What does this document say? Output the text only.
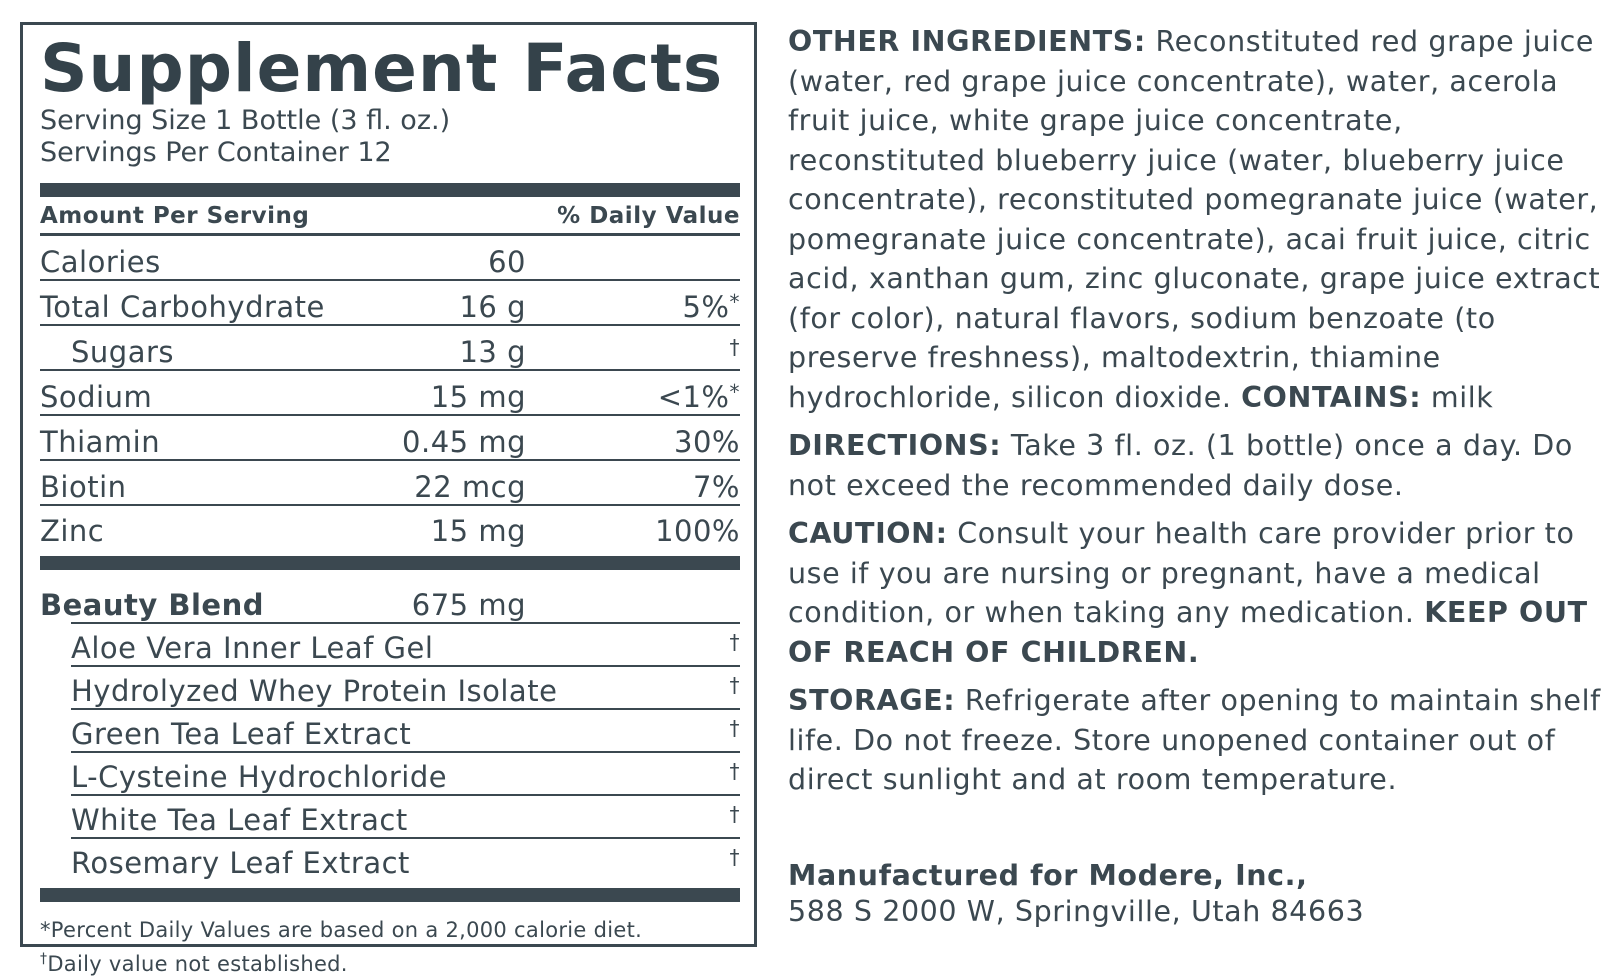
Supplement Facts
Serving Size 1 Bottle (3 fl. oz.)
Servings Per Container 12
Amount Per Serving	% Daily Value
Calories	60
Total Carbohydrate	16 g	5%*
Sugars	13 g	†
Sodium	15 mg	<1%*
Thiamin	0.45 mg	30%
Biotin	22 mcg	7%
Zinc	15 mg	100%
Beauty Blend	675 mg
Aloe Vera Inner Leaf Gel	†
Hydrolyzed Whey Protein Isolate	†
Green Tea Leaf Extract	†
L-Cysteine Hydrochloride	†
White Tea Leaf Extract	†
Rosemary Leaf Extract	†
*Percent Daily Values are based on a 2,000 calorie diet.
†Daily value not established.

OTHER INGREDIENTS: Reconstituted red grape juice (water, red grape juice concentrate), water, acerola fruit juice, white grape juice concentrate, reconstituted blueberry juice (water, blueberry juice concentrate), reconstituted pomegranate juice (water, pomegranate juice concentrate), acai fruit juice, citric acid, xanthan gum, zinc gluconate, grape juice extract (for color), natural flavors, sodium benzoate (to preserve freshness), maltodextrin, thiamine hydrochloride, silicon dioxide. CONTAINS: milk

DIRECTIONS: Take 3 fl. oz. (1 bottle) once a day. Do not exceed the recommended daily dose.

CAUTION: Consult your health care provider prior to use if you are nursing or pregnant, have a medical condition, or when taking any medication. KEEP OUT OF REACH OF CHILDREN.

STORAGE: Refrigerate after opening to maintain shelf life. Do not freeze. Store unopened container out of direct sunlight and at room temperature.

Manufactured for Modere, Inc.,
588 S 2000 W, Springville, Utah 84663
